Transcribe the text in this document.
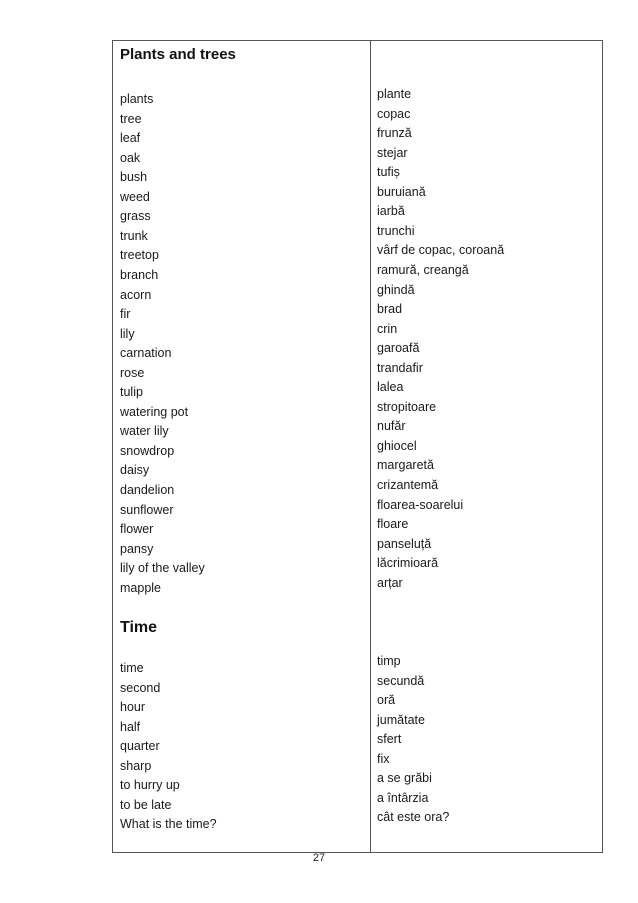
Plants and trees
plants
tree
leaf
oak
bush
weed
grass
trunk
treetop
branch
acorn
fir
lily
carnation
rose
tulip
watering pot
water lily
snowdrop
daisy
dandelion
sunflower
flower
pansy
lily of the valley
mapple
plante
copac
frunză
stejar
tufiș
buruiană
iarbă
trunchi
vârf de copac, coroană
ramură, creangă
ghindă
brad
crin
garoafă
trandafir
lalea
stropitoare
nufăr
ghiocel
margaretă
crizantemă
floarea-soarelui
floare
panseluță
lăcrimioară
arțar
Time
time
second
hour
half
quarter
sharp
to hurry up
to be late
What is the time?
timp
secundă
oră
jumătate
sfert
fix
a se grăbi
a întârzia
cât este ora?
27
